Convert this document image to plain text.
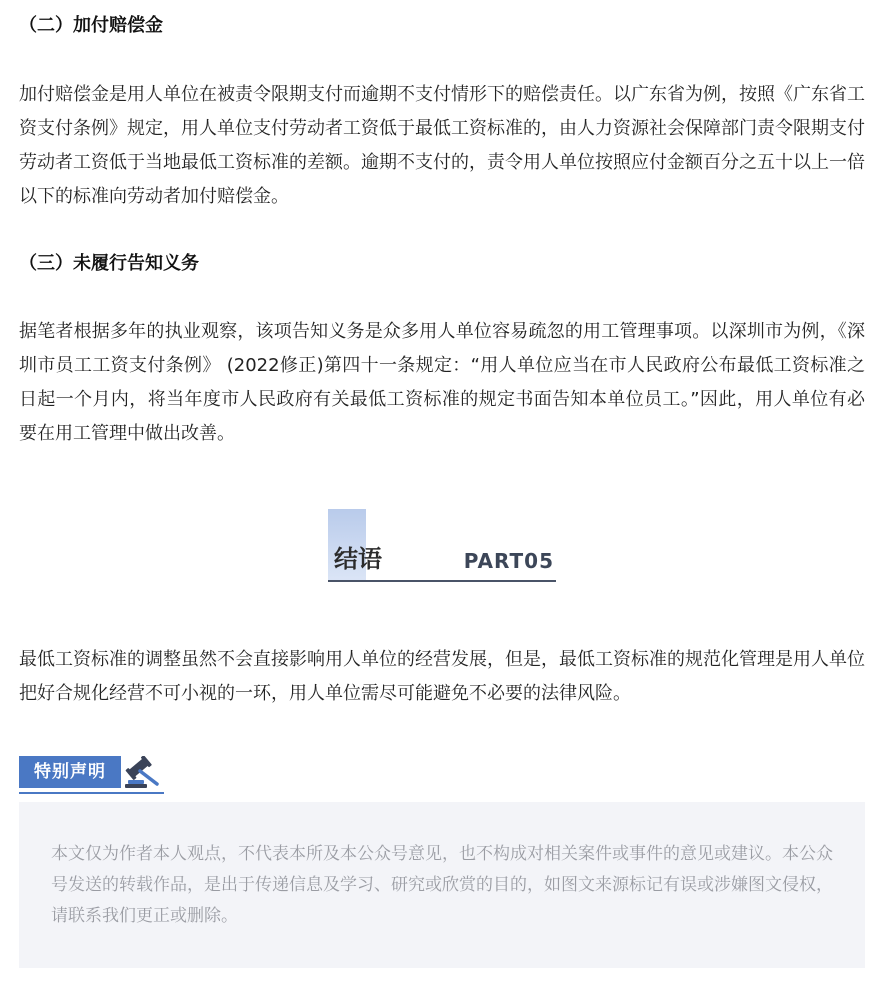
（二）加付赔偿金

加付赔偿金是用人单位在被责令限期支付而逾期不支付情形下的赔偿责任。以广东省为例，按照《广东省工资支付条例》规定，用人单位支付劳动者工资低于最低工资标准的，由人力资源社会保障部门责令限期支付劳动者工资低于当地最低工资标准的差额。逾期不支付的，责令用人单位按照应付金额百分之五十以上一倍以下的标准向劳动者加付赔偿金。

（三）未履行告知义务

据笔者根据多年的执业观察，该项告知义务是众多用人单位容易疏忽的用工管理事项。以深圳市为例，《深圳市员工工资支付条例》 (2022修正)第四十一条规定：“用人单位应当在市人民政府公布最低工资标准之日起一个月内，将当年度市人民政府有关最低工资标准的规定书面告知本单位员工。”因此，用人单位有必要在用工管理中做出改善。

结语	PART05

最低工资标准的调整虽然不会直接影响用人单位的经营发展，但是，最低工资标准的规范化管理是用人单位把好合规化经营不可小视的一环，用人单位需尽可能避免不必要的法律风险。

特别声明

本文仅为作者本人观点，不代表本所及本公众号意见，也不构成对相关案件或事件的意见或建议。本公众号发送的转载作品，是出于传递信息及学习、研究或欣赏的目的，如图文来源标记有误或涉嫌图文侵权，请联系我们更正或删除。
